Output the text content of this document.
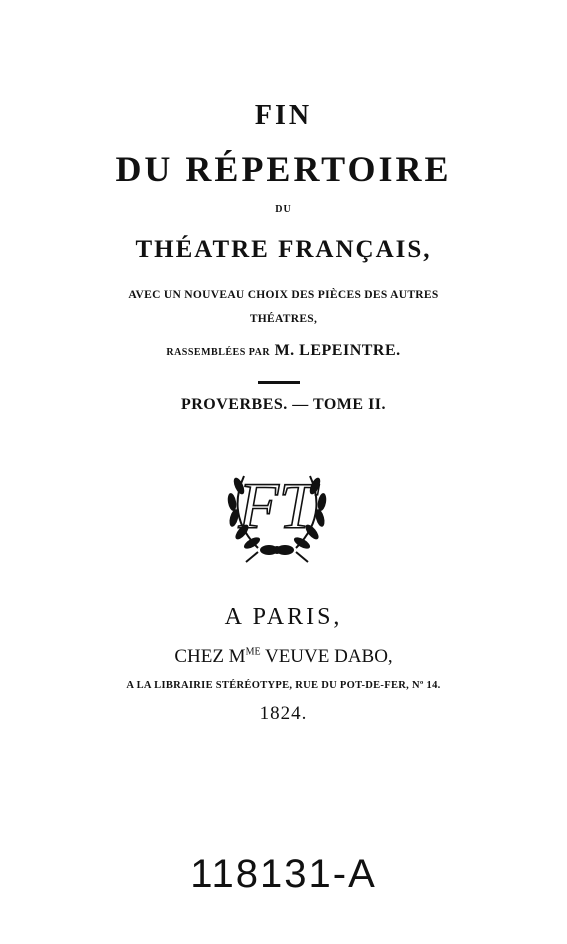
FIN
DU RÉPERTOIRE
DU
THÉATRE FRANÇAIS,
AVEC UN NOUVEAU CHOIX DES PIÈCES DES AUTRES
THÉATRES,
RASSEMBLÉES PAR M. LEPEINTRE.
PROVERBES. — TOME II.
FT
A PARIS,
CHEZ $M^{ME}$ VEUVE DABO,
A LA LIBRAIRIE STÉRÉOTYPE, RUE DU POT-DE-FER, Nº 14.
1824.
118131-A
